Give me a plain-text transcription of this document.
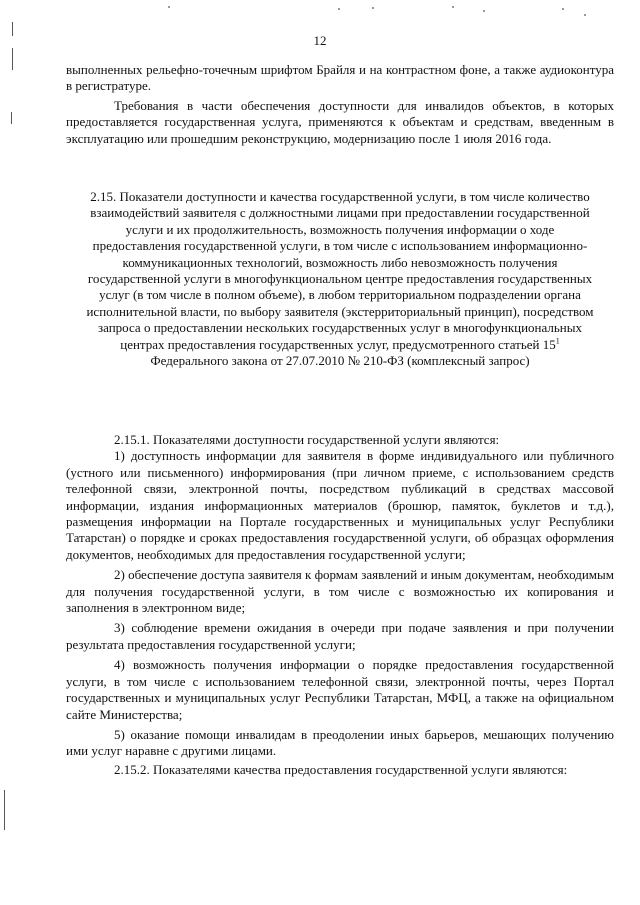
12

выполненных рельефно-точечным шрифтом Брайля и на контрастном фоне, а также аудиоконтура в регистратуре.

Требования в части обеспечения доступности для инвалидов объектов, в которых предоставляется государственная услуга, применяются к объектам и средствам, введенным в эксплуатацию или прошедшим реконструкцию, модернизацию после 1 июля 2016 года.

2.15. Показатели доступности и качества государственной услуги, в том числе количество взаимодействий заявителя с должностными лицами при предоставлении государственной услуги и их продолжительность, возможность получения информации о ходе предоставления государственной услуги, в том числе с использованием информационно-коммуникационных технологий, возможность либо невозможность получения государственной услуги в многофункциональном центре предоставления государственных услуг (в том числе в полном объеме), в любом территориальном подразделении органа исполнительной власти, по выбору заявителя (экстерриториальный принцип), посредством запроса о предоставлении нескольких государственных услуг в многофункциональных центрах предоставления государственных услуг, предусмотренного статьей $15^1$
Федерального закона от 27.07.2010 № 210-ФЗ (комплексный запрос)

2.15.1. Показателями доступности государственной услуги являются:

1) доступность информации для заявителя в форме индивидуального или публичного (устного или письменного) информирования (при личном приеме, с использованием средств телефонной связи, электронной почты, посредством публикаций в средствах массовой информации, издания информационных материалов (брошюр, памяток, буклетов и т.д.), размещения информации на Портале государственных и муниципальных услуг Республики Татарстан) о порядке и сроках предоставления государственной услуги, об образцах оформления документов, необходимых для предоставления государственной услуги;

2) обеспечение доступа заявителя к формам заявлений и иным документам, необходимым для получения государственной услуги, в том числе с возможностью их копирования и заполнения в электронном виде;

3) соблюдение времени ожидания в очереди при подаче заявления и при получении результата предоставления государственной услуги;

4) возможность получения информации о порядке предоставления государственной услуги, в том числе с использованием телефонной связи, электронной почты, через Портал государственных и муниципальных услуг Республики Татарстан, МФЦ, а также на официальном сайте Министерства;

5) оказание помощи инвалидам в преодолении иных барьеров, мешающих получению ими услуг наравне с другими лицами.

2.15.2. Показателями качества предоставления государственной услуги являются:
